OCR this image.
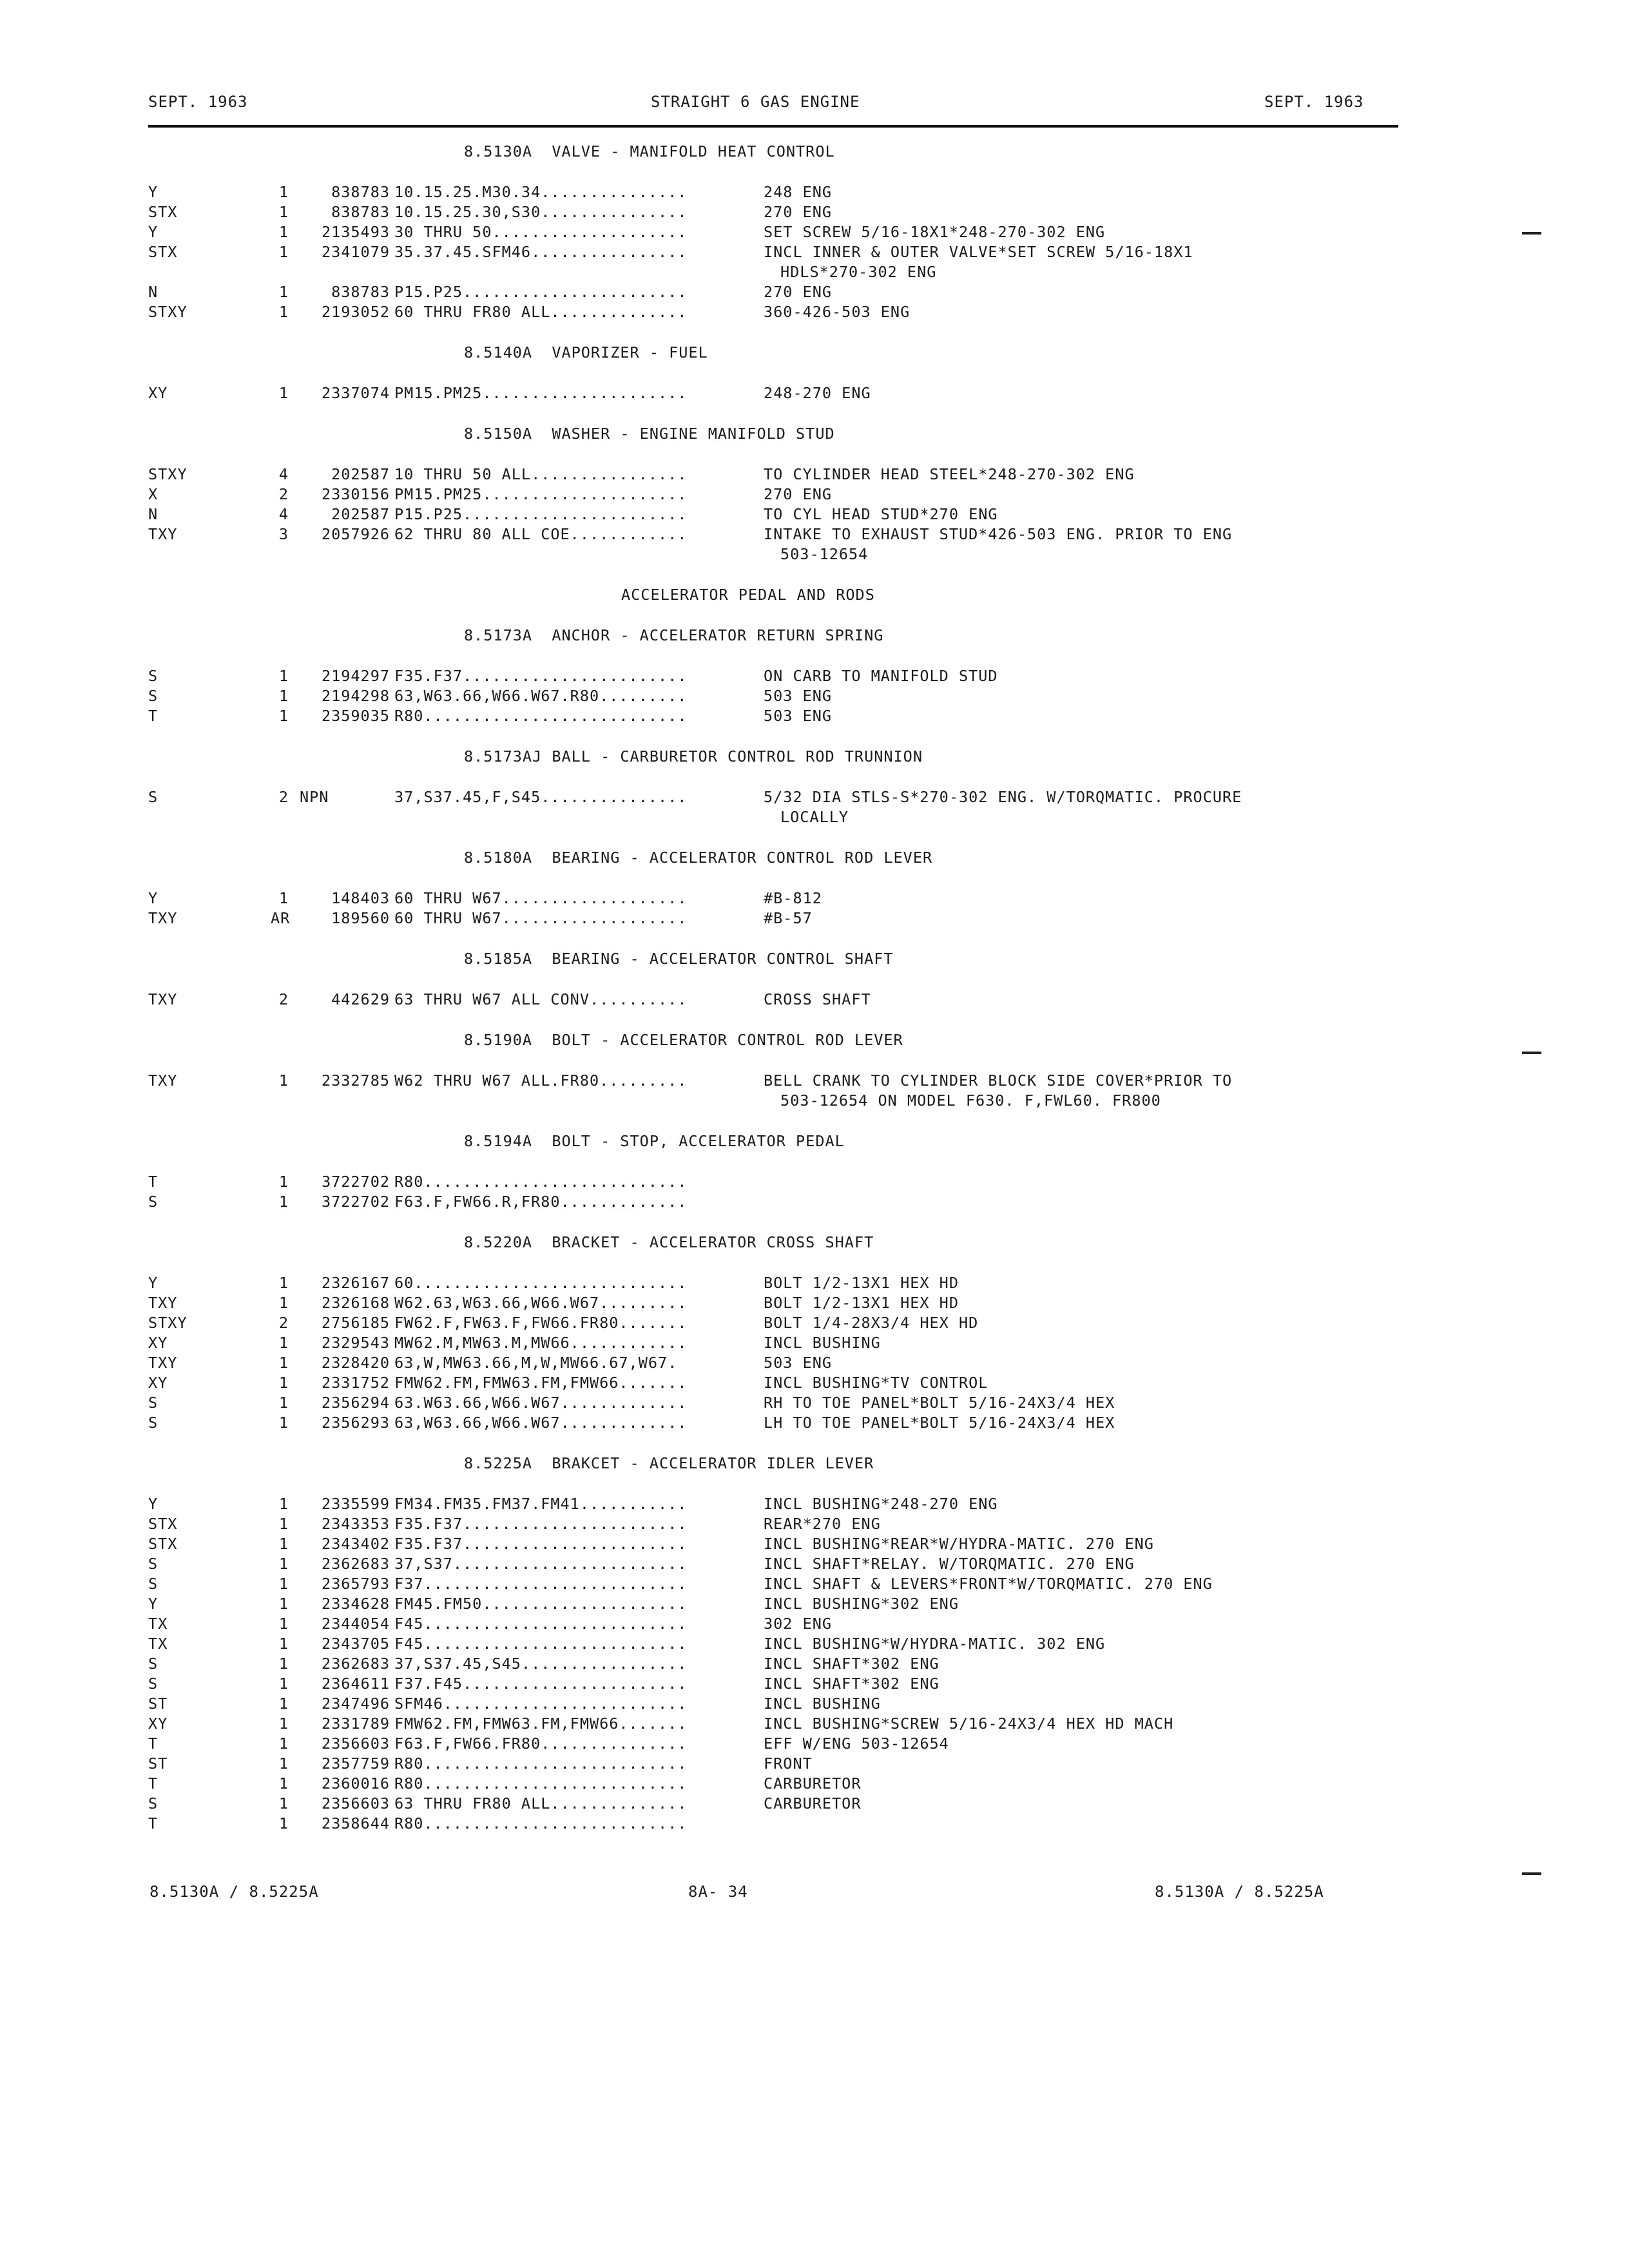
SEPT. 1963	STRAIGHT 6 GAS ENGINE	SEPT. 1963
8.5130A  VALVE - MANIFOLD HEAT CONTROL
Y	1	838783 10.15.25.M30.34...............	248 ENG
STX	1	838783 10.15.25.30,S30...............	270 ENG
Y	1	2135493 30 THRU 50....................	SET SCREW 5/16-18X1*248-270-302 ENG
STX	1	2341079 35.37.45.SFM46................	INCL INNER & OUTER VALVE*SET SCREW 5/16-18X1
HDLS*270-302 ENG
N	1	838783 P15.P25.......................	270 ENG
STXY	1	2193052 60 THRU FR80 ALL..............	360-426-503 ENG
8.5140A  VAPORIZER - FUEL
XY	1	2337074 PM15.PM25.....................	248-270 ENG
8.5150A  WASHER - ENGINE MANIFOLD STUD
STXY	4	202587 10 THRU 50 ALL................	TO CYLINDER HEAD STEEL*248-270-302 ENG
X	2	2330156 PM15.PM25.....................	270 ENG
N	4	202587 P15.P25.......................	TO CYL HEAD STUD*270 ENG
TXY	3	2057926 62 THRU 80 ALL COE............	INTAKE TO EXHAUST STUD*426-503 ENG. PRIOR TO ENG
503-12654
ACCELERATOR PEDAL AND RODS
8.5173A  ANCHOR - ACCELERATOR RETURN SPRING
S	1	2194297 F35.F37.......................	ON CARB TO MANIFOLD STUD
S	1	2194298 63,W63.66,W66.W67.R80.........	503 ENG
T	1	2359035 R80...........................	503 ENG
8.5173AJ BALL - CARBURETOR CONTROL ROD TRUNNION
S	2 NPN	37,S37.45,F,S45...............	5/32 DIA STLS-S*270-302 ENG. W/TORQMATIC. PROCURE
LOCALLY
8.5180A  BEARING - ACCELERATOR CONTROL ROD LEVER
Y	1	148403 60 THRU W67...................	#B-812
TXY	AR	189560 60 THRU W67...................	#B-57
8.5185A  BEARING - ACCELERATOR CONTROL SHAFT
TXY	2	442629 63 THRU W67 ALL CONV..........	CROSS SHAFT
8.5190A  BOLT - ACCELERATOR CONTROL ROD LEVER
TXY	1	2332785 W62 THRU W67 ALL.FR80.........	BELL CRANK TO CYLINDER BLOCK SIDE COVER*PRIOR TO
503-12654 ON MODEL F630. F,FWL60. FR800
8.5194A  BOLT - STOP, ACCELERATOR PEDAL
T	1	3722702 R80...........................
S	1	3722702 F63.F,FW66.R,FR80.............
8.5220A  BRACKET - ACCELERATOR CROSS SHAFT
Y	1	2326167 60............................	BOLT 1/2-13X1 HEX HD
TXY	1	2326168 W62.63,W63.66,W66.W67.........	BOLT 1/2-13X1 HEX HD
STXY	2	2756185 FW62.F,FW63.F,FW66.FR80.......	BOLT 1/4-28X3/4 HEX HD
XY	1	2329543 MW62.M,MW63.M,MW66............	INCL BUSHING
TXY	1	2328420 63,W,MW63.66,M,W,MW66.67,W67.	503 ENG
XY	1	2331752 FMW62.FM,FMW63.FM,FMW66.......	INCL BUSHING*TV CONTROL
S	1	2356294 63.W63.66,W66.W67.............	RH TO TOE PANEL*BOLT 5/16-24X3/4 HEX
S	1	2356293 63,W63.66,W66.W67.............	LH TO TOE PANEL*BOLT 5/16-24X3/4 HEX
8.5225A  BRAKCET - ACCELERATOR IDLER LEVER
Y	1	2335599 FM34.FM35.FM37.FM41...........	INCL BUSHING*248-270 ENG
STX	1	2343353 F35.F37.......................	REAR*270 ENG
STX	1	2343402 F35.F37.......................	INCL BUSHING*REAR*W/HYDRA-MATIC. 270 ENG
S	1	2362683 37,S37........................	INCL SHAFT*RELAY. W/TORQMATIC. 270 ENG
S	1	2365793 F37...........................	INCL SHAFT & LEVERS*FRONT*W/TORQMATIC. 270 ENG
Y	1	2334628 FM45.FM50.....................	INCL BUSHING*302 ENG
TX	1	2344054 F45...........................	302 ENG
TX	1	2343705 F45...........................	INCL BUSHING*W/HYDRA-MATIC. 302 ENG
S	1	2362683 37,S37.45,S45.................	INCL SHAFT*302 ENG
S	1	2364611 F37.F45.......................	INCL SHAFT*302 ENG
ST	1	2347496 SFM46.........................	INCL BUSHING
XY	1	2331789 FMW62.FM,FMW63.FM,FMW66.......	INCL BUSHING*SCREW 5/16-24X3/4 HEX HD MACH
T	1	2356603 F63.F,FW66.FR80...............	EFF W/ENG 503-12654
ST	1	2357759 R80...........................	FRONT
T	1	2360016 R80...........................	CARBURETOR
S	1	2356603 63 THRU FR80 ALL..............	CARBURETOR
T	1	2358644 R80...........................
8.5130A / 8.5225A	8A- 34	8.5130A / 8.5225A
